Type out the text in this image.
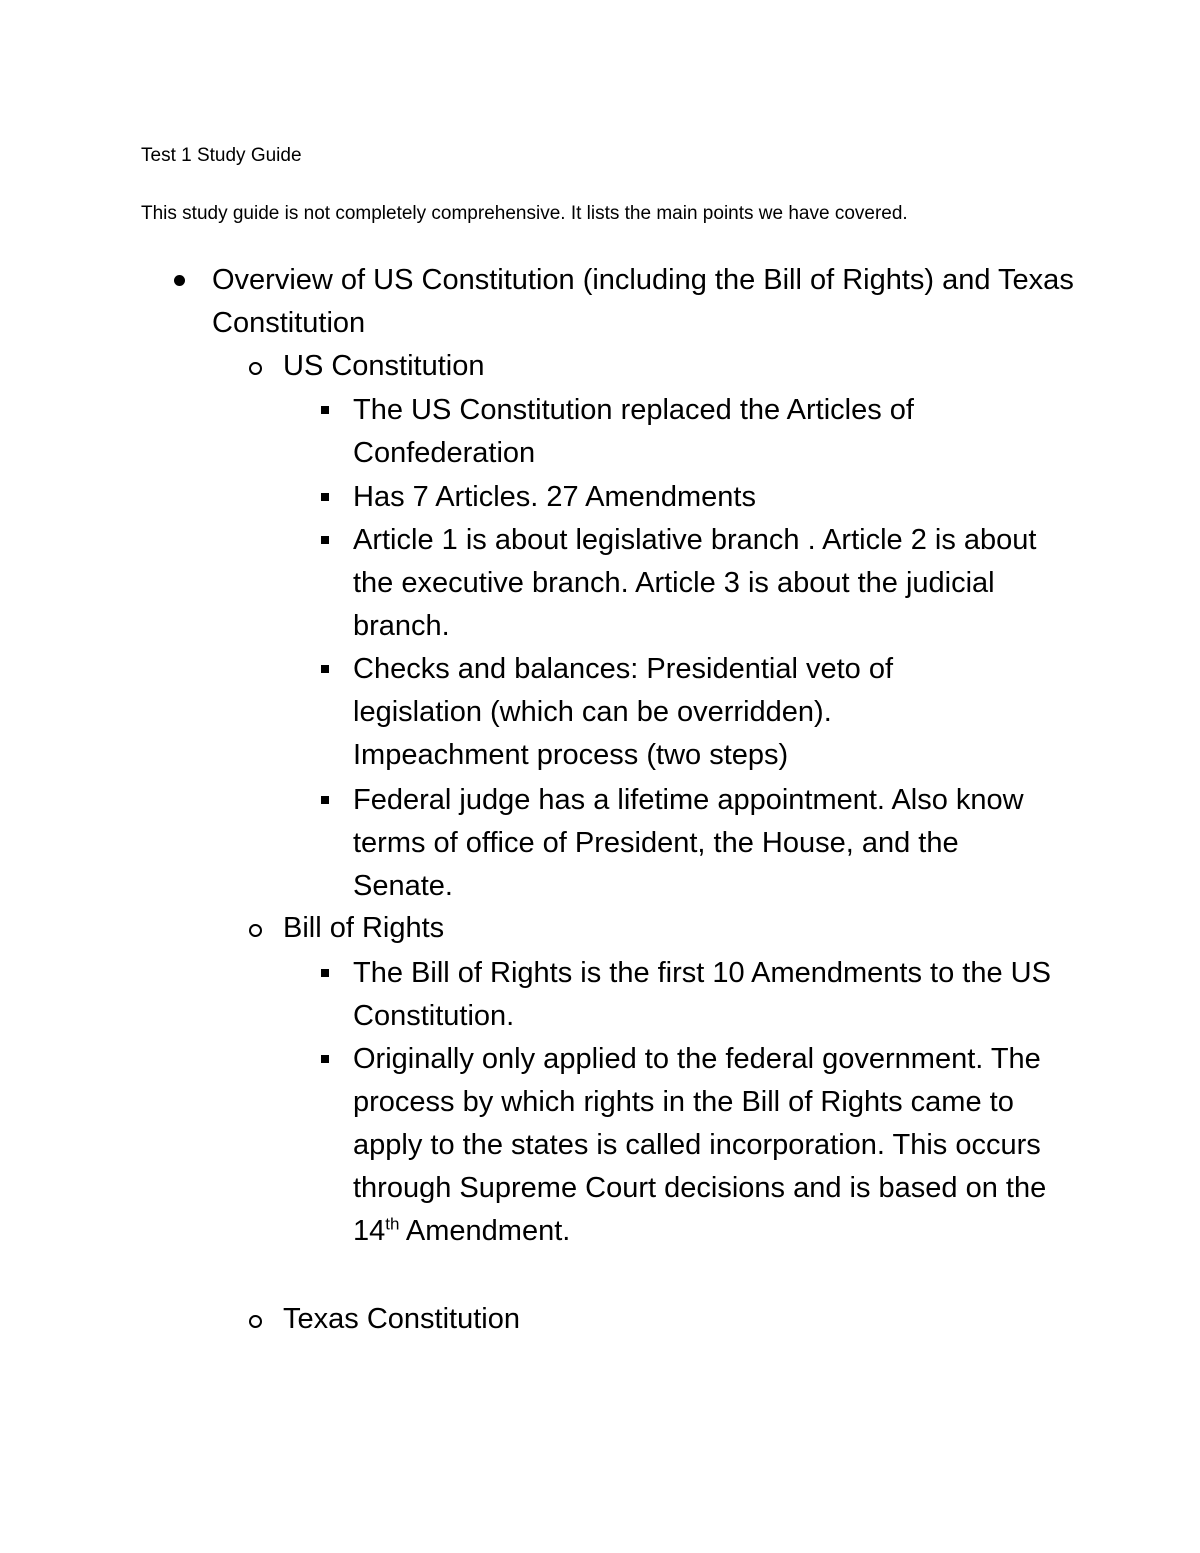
Test 1 Study Guide
This study guide is not completely comprehensive. It lists the main points we have covered.
Overview of US Constitution (including the Bill of Rights) and Texas Constitution
US Constitution
The US Constitution replaced the Articles of Confederation
Has 7 Articles. 27 Amendments
Article 1 is about legislative branch . Article 2 is about the executive branch. Article 3 is about the judicial branch.
Checks and balances: Presidential veto of legislation (which can be overridden). Impeachment process (two steps)
Federal judge has a lifetime appointment. Also know terms of office of President, the House, and the Senate.
Bill of Rights
The Bill of Rights is the first 10 Amendments to the US Constitution.
Originally only applied to the federal government. The process by which rights in the Bill of Rights came to apply to the states is called incorporation. This occurs through Supreme Court decisions and is based on the 14th Amendment.
Texas Constitution
